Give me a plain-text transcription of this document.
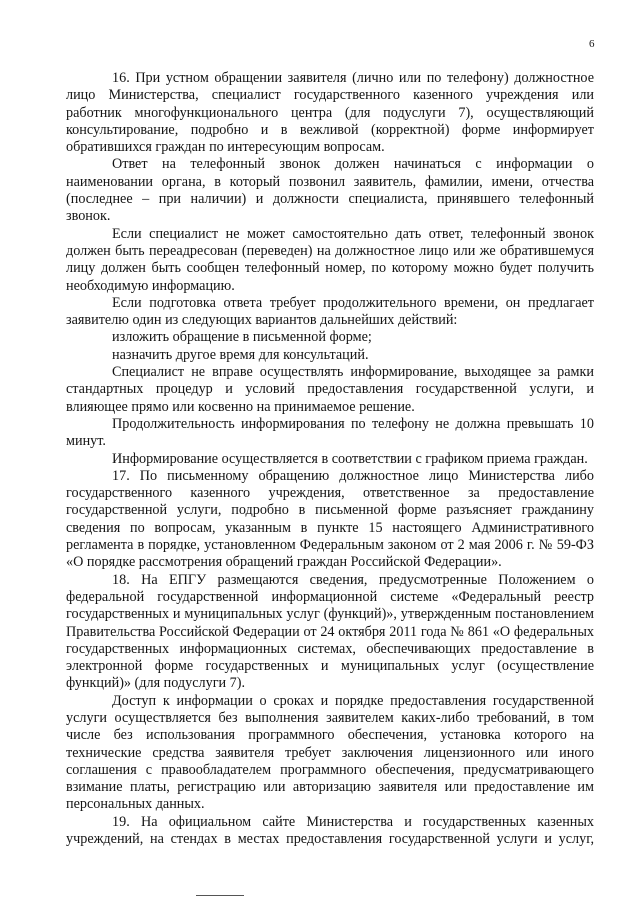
6

16. При устном обращении заявителя (лично или по телефону) должностное лицо Министерства, специалист государственного казенного учреждения или работник многофункционального центра (для подуслуги 7), осуществляющий консультирование, подробно и в вежливой (корректной) форме информирует обратившихся граждан по интересующим вопросам.

Ответ на телефонный звонок должен начинаться с информации о наименовании органа, в который позвонил заявитель, фамилии, имени, отчества (последнее – при наличии) и должности специалиста, принявшего телефонный звонок.

Если специалист не может самостоятельно дать ответ, телефонный звонок должен быть переадресован (переведен) на должностное лицо или же обратившемуся лицу должен быть сообщен телефонный номер, по которому можно будет получить необходимую информацию.

Если подготовка ответа требует продолжительного времени, он предлагает заявителю один из следующих вариантов дальнейших действий:

изложить обращение в письменной форме;

назначить другое время для консультаций.

Специалист не вправе осуществлять информирование, выходящее за рамки стандартных процедур и условий предоставления государственной услуги, и влияющее прямо или косвенно на принимаемое решение.

Продолжительность информирования по телефону не должна превышать 10 минут.

Информирование осуществляется в соответствии с графиком приема граждан.

17. По письменному обращению должностное лицо Министерства либо государственного казенного учреждения, ответственное за предоставление государственной услуги, подробно в письменной форме разъясняет гражданину сведения по вопросам, указанным в пункте 15 настоящего Административного регламента в порядке, установленном Федеральным законом от 2 мая 2006 г. № 59-ФЗ «О порядке рассмотрения обращений граждан Российской Федерации».

18. На ЕПГУ размещаются сведения, предусмотренные Положением о федеральной государственной информационной системе «Федеральный реестр государственных и муниципальных услуг (функций)», утвержденным постановлением Правительства Российской Федерации от 24 октября 2011 года № 861 «О федеральных государственных информационных системах, обеспечивающих предоставление в электронной форме государственных и муниципальных услуг (осуществление функций)» (для подуслуги 7).

Доступ к информации о сроках и порядке предоставления государственной услуги осуществляется без выполнения заявителем каких-либо требований, в том числе без использования программного обеспечения, установка которого на технические средства заявителя требует заключения лицензионного или иного соглашения с правообладателем программного обеспечения, предусматривающего взимание платы, регистрацию или авторизацию заявителя или предоставление им персональных данных.

19. На официальном сайте Министерства и государственных казенных учреждений, на стендах в местах предоставления государственной услуги и услуг,
